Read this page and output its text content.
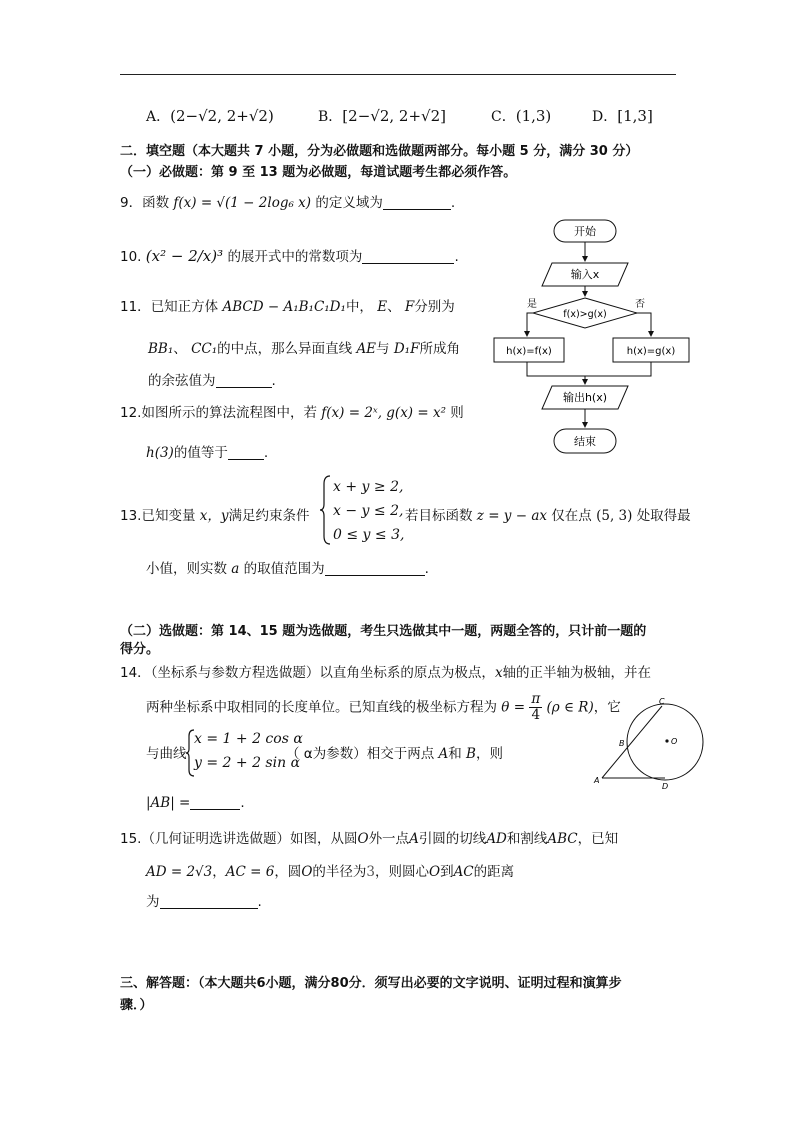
A．(2−√2, 2+√2)	B．[2−√2, 2+√2]	C．(1,3)	D．[1,3]
二．填空题（本大题共 7 小题，分为必做题和选做题两部分。每小题 5 分，满分 30 分）
（一）必做题：第 9 至 13 题为必做题，每道试题考生都必须作答。
9．函数 f(x) = √(1 − 2log₆ x) 的定义域为	.
10. (x² − 2/x)³ 的展开式中的常数项为	.
11．已知正方体 ABCD − A₁B₁C₁D₁中， E、 F分别为
BB₁、 CC₁的中点，那么异面直线 AE与 D₁F所成角
的余弦值为	.
12.如图所示的算法流程图中，若 f(x) = 2ˣ, g(x) = x² 则
h(3)的值等于	.
13.已知变量 x，y满足约束条件
x + y ≥ 2,
x − y ≤ 2,
0 ≤ y ≤ 3,
若目标函数 z = y − ax 仅在点 (5, 3) 处取得最
小值，则实数 a 的取值范围为	.
（二）选做题：第 14、15 题为选做题，考生只选做其中一题，两题全答的，只计前一题的
得分。
14．（坐标系与参数方程选做题）以直角坐标系的原点为极点，x轴的正半轴为极轴，并在
两种坐标系中取相同的长度单位。已知直线的极坐标方程为 $\theta = \frac{\pi}{4} (\rho$ ∈ R)，它
与曲线
x = 1 + 2 cos α
y = 2 + 2 sin α
（ α为参数）相交于两点 A和 B，则
|AB| =	.
15.（几何证明选讲选做题）如图，从圆O外一点A引圆的切线AD和割线ABC，已知
AD = 2√3，AC = 6，圆O的半径为3，则圆心O到AC的距离
为	.
三、解答题：（本大题共6小题，满分80分．须写出必要的文字说明、证明过程和演算步
骤．）
开始
输入x
f(x)>g(x)
是	否
h(x)=f(x)	h(x)=g(x)
输出h(x)
结束
C
B	O
A
D
